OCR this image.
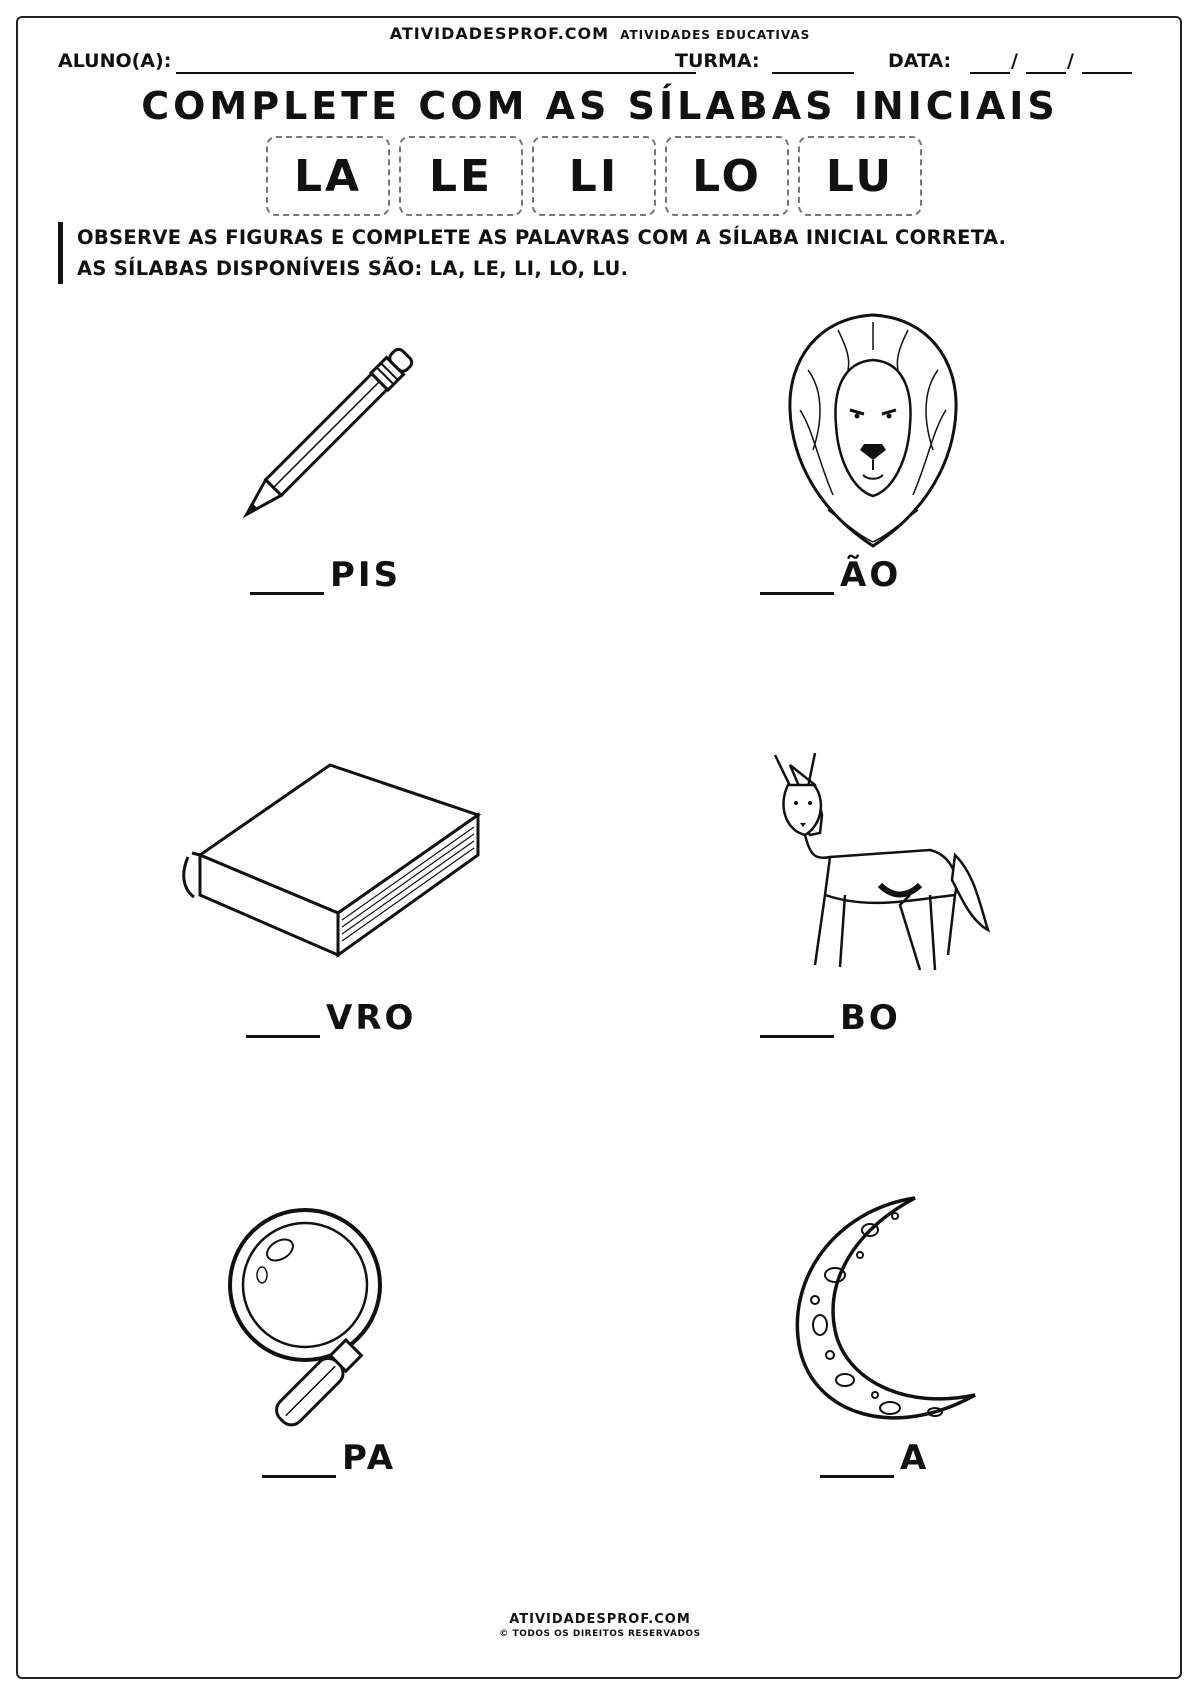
ATIVIDADESPROF.COM ATIVIDADES EDUCATIVAS
ALUNO(A):	TURMA:	DATA:	/	/
COMPLETE COM AS SÍLABAS INICIAIS
LA	LE	LI	LO	LU
OBSERVE AS FIGURAS E COMPLETE AS PALAVRAS COM A SÍLABA INICIAL CORRETA.
AS SÍLABAS DISPONÍVEIS SÃO: LA, LE, LI, LO, LU.
PIS	ÃO
VRO	BO
PA	A
ATIVIDADESPROF.COM
© TODOS OS DIREITOS RESERVADOS
